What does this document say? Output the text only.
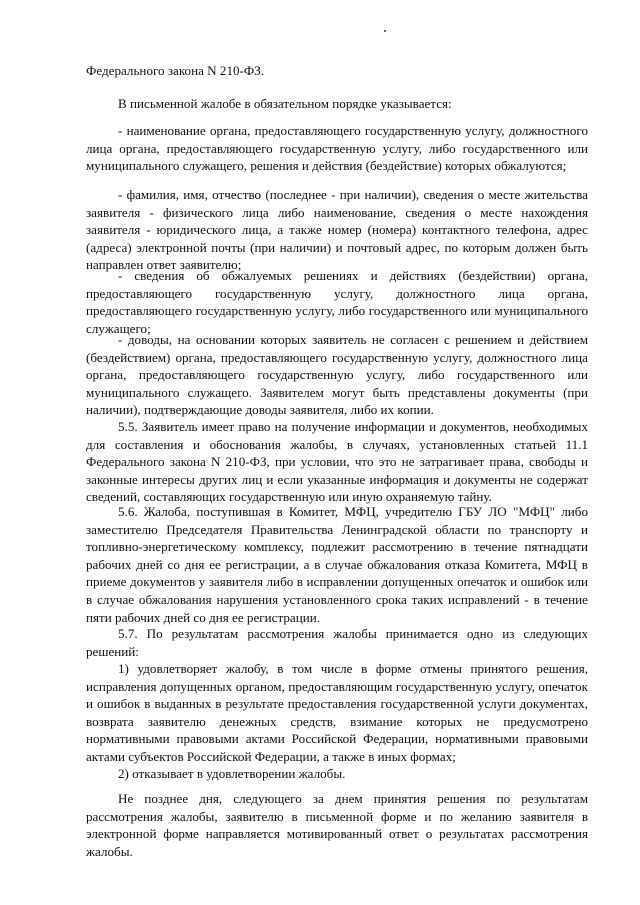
Федерального закона N 210-ФЗ.

В письменной жалобе в обязательном порядке указывается:

- наименование органа, предоставляющего государственную услугу, должностного лица органа, предоставляющего государственную услугу, либо государственного или муниципального служащего, решения и действия (бездействие) которых обжалуются;

- фамилия, имя, отчество (последнее - при наличии), сведения о месте жительства заявителя - физического лица либо наименование, сведения о месте нахождения заявителя - юридического лица, а также номер (номера) контактного телефона, адрес (адреса) электронной почты (при наличии) и почтовый адрес, по которым должен быть направлен ответ заявителю;

- сведения об обжалуемых решениях и действиях (бездействии) органа, предоставляющего государственную услугу, должностного лица органа, предоставляющего государственную услугу, либо государственного или муниципального служащего;

- доводы, на основании которых заявитель не согласен с решением и действием (бездействием) органа, предоставляющего государственную услугу, должностного лица органа, предоставляющего государственную услугу, либо государственного или муниципального служащего. Заявителем могут быть представлены документы (при наличии), подтверждающие доводы заявителя, либо их копии.

5.5. Заявитель имеет право на получение информации и документов, необходимых для составления и обоснования жалобы, в случаях, установленных статьей 11.1 Федерального закона N 210-ФЗ, при условии, что это не затрагивает права, свободы и законные интересы других лиц и если указанные информация и документы не содержат сведений, составляющих государственную или иную охраняемую тайну.

5.6. Жалоба, поступившая в Комитет, МФЦ, учредителю ГБУ ЛО "МФЦ" либо заместителю Председателя Правительства Ленинградской области по транспорту и топливно-энергетическому комплексу, подлежит рассмотрению в течение пятнадцати рабочих дней со дня ее регистрации, а в случае обжалования отказа Комитета, МФЦ в приеме документов у заявителя либо в исправлении допущенных опечаток и ошибок или в случае обжалования нарушения установленного срока таких исправлений - в течение пяти рабочих дней со дня ее регистрации.

5.7. По результатам рассмотрения жалобы принимается одно из следующих решений:

1) удовлетворяет жалобу, в том числе в форме отмены принятого решения, исправления допущенных органом, предоставляющим государственную услугу, опечаток и ошибок в выданных в результате предоставления государственной услуги документах, возврата заявителю денежных средств, взимание которых не предусмотрено нормативными правовыми актами Российской Федерации, нормативными правовыми актами субъектов Российской Федерации, а также в иных формах;

2) отказывает в удовлетворении жалобы.

Не позднее дня, следующего за днем принятия решения по результатам рассмотрения жалобы, заявителю в письменной форме и по желанию заявителя в электронной форме направляется мотивированный ответ о результатах рассмотрения жалобы.
